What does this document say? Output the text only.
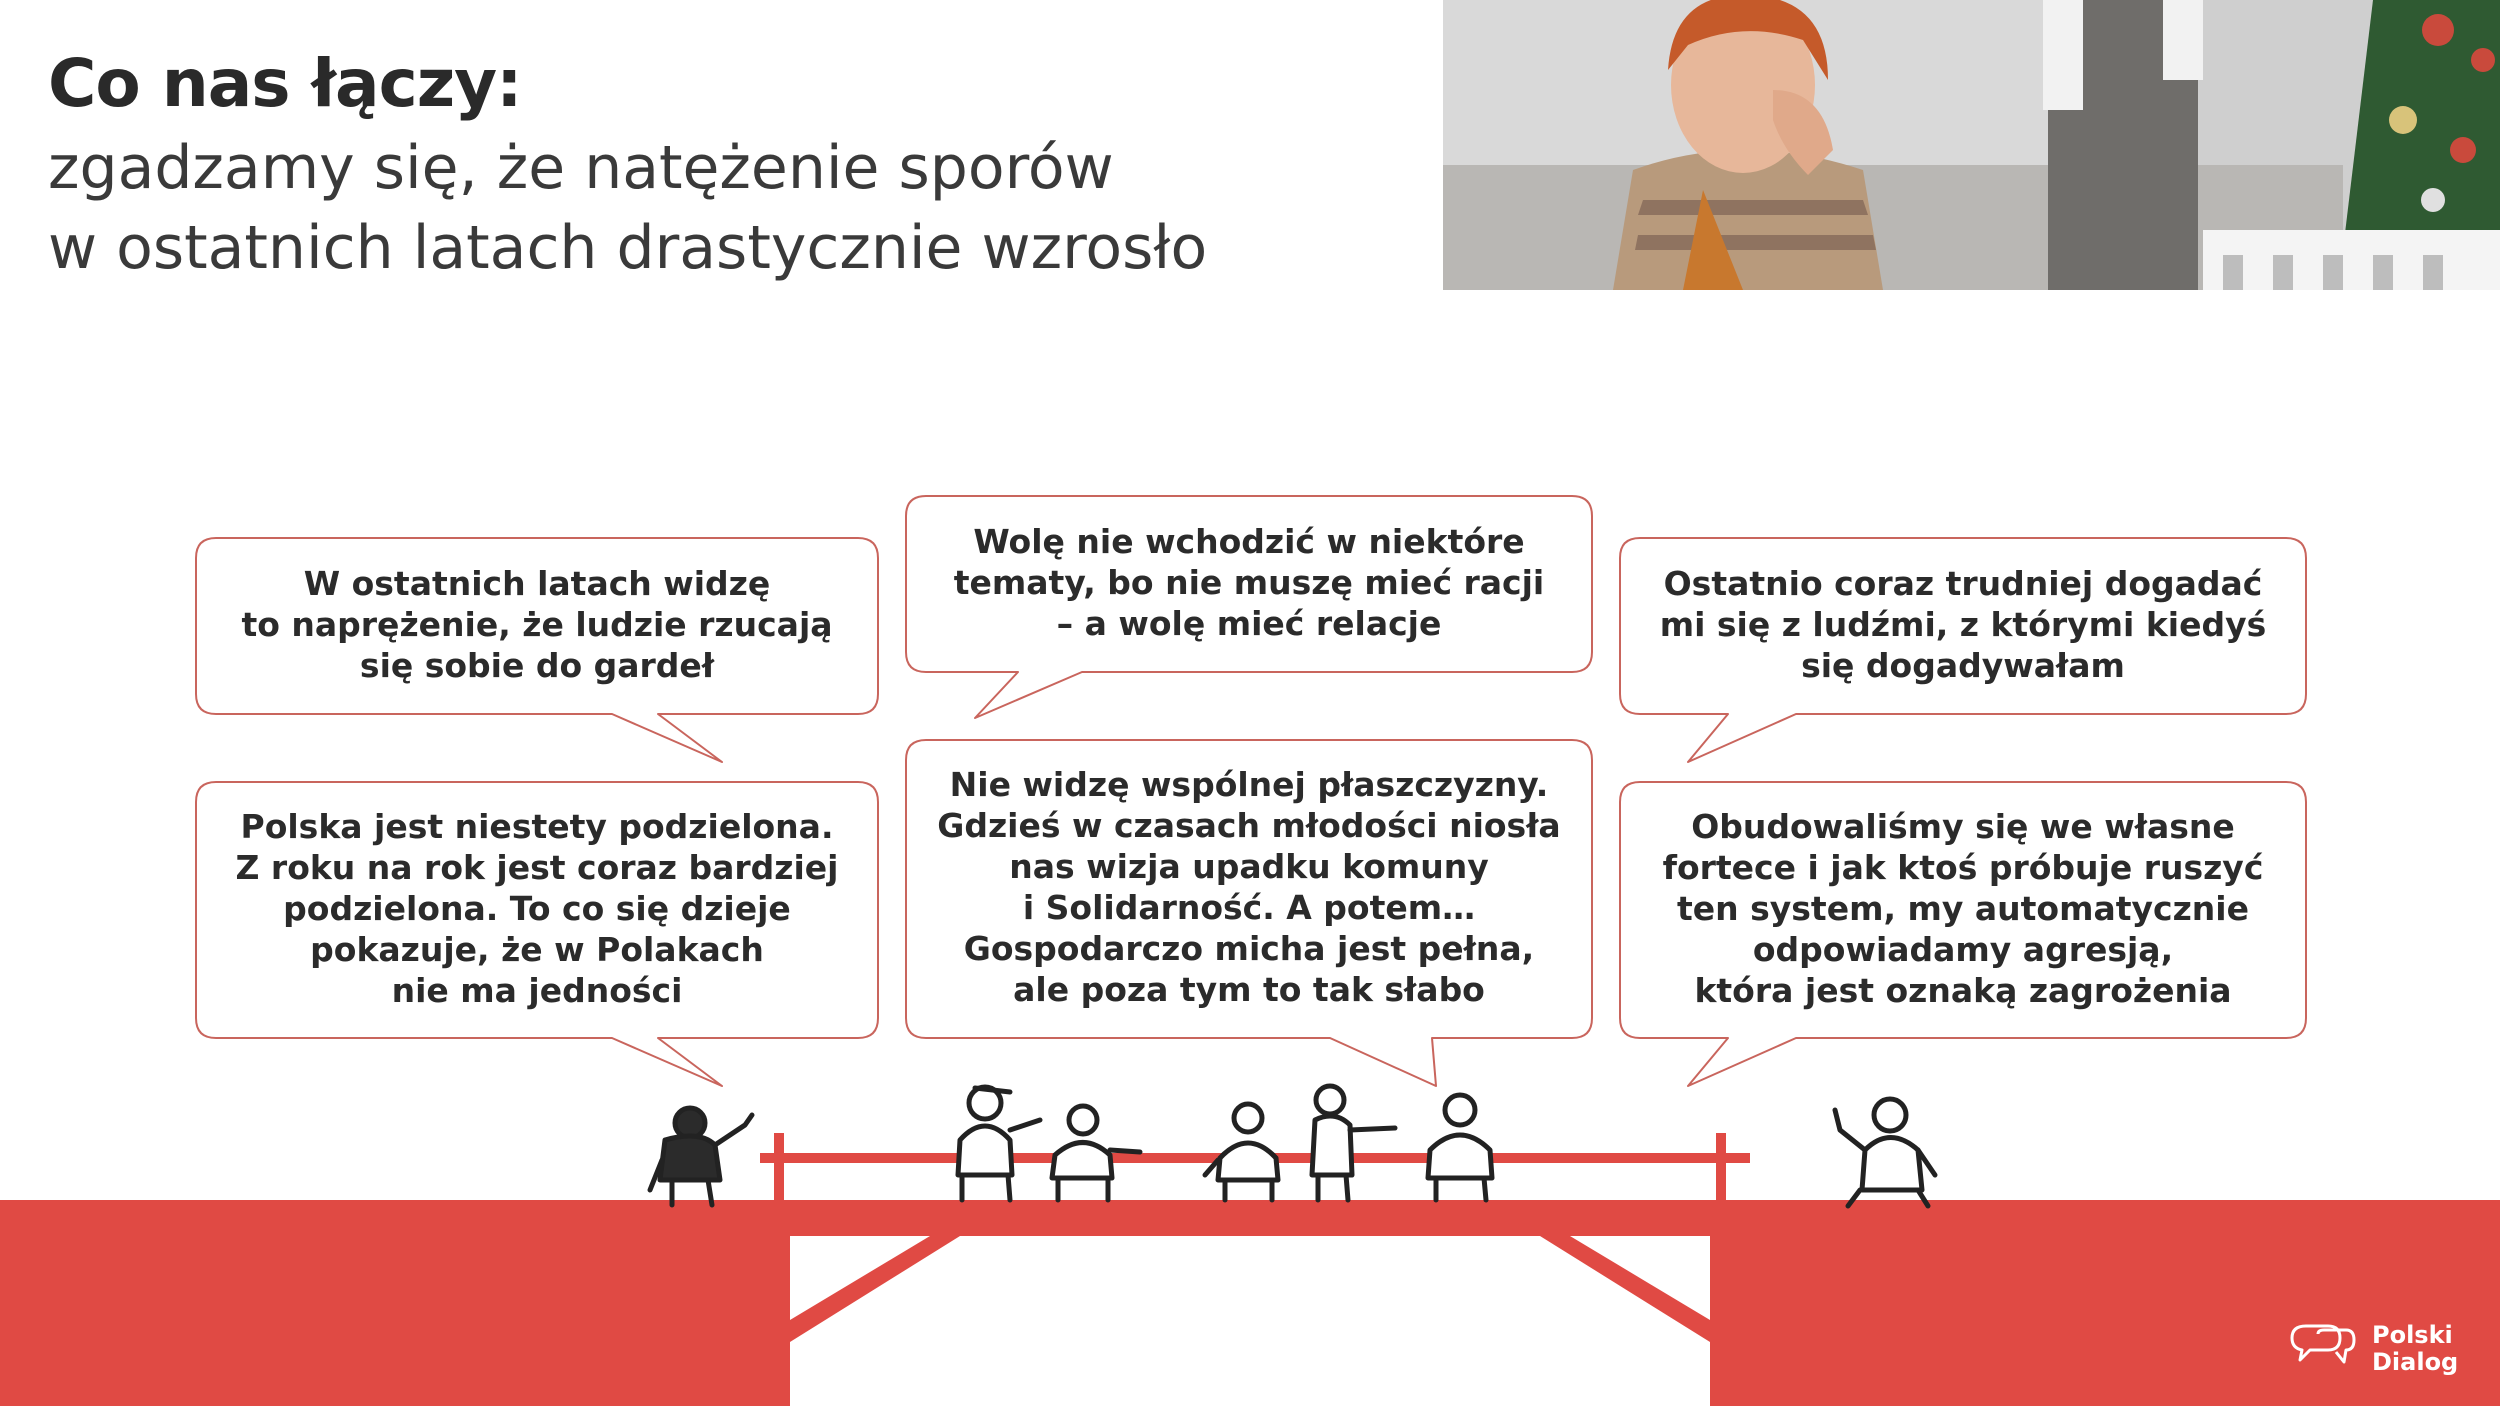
Co nas łączy:
zgadzamy się, że natężenie sporów
w ostatnich latach drastycznie wzrosło
W ostatnich latach widzę
to naprężenie, że ludzie rzucają
się sobie do gardeł
Wolę nie wchodzić w niektóre
tematy, bo nie muszę mieć racji
– a wolę mieć relacje
Ostatnio coraz trudniej dogadać
mi się z ludźmi, z którymi kiedyś
się dogadywałam
Polska jest niestety podzielona.
Z roku na rok jest coraz bardziej
podzielona. To co się dzieje
pokazuje, że w Polakach
nie ma jedności
Nie widzę wspólnej płaszczyzny.
Gdzieś w czasach młodości niosła
nas wizja upadku komuny
i Solidarność. A potem…
Gospodarczo micha jest pełna,
ale poza tym to tak słabo
Obudowaliśmy się we własne
fortece i jak ktoś próbuje ruszyć
ten system, my automatycznie
odpowiadamy agresją,
która jest oznaką zagrożenia
Polski
Dialog
